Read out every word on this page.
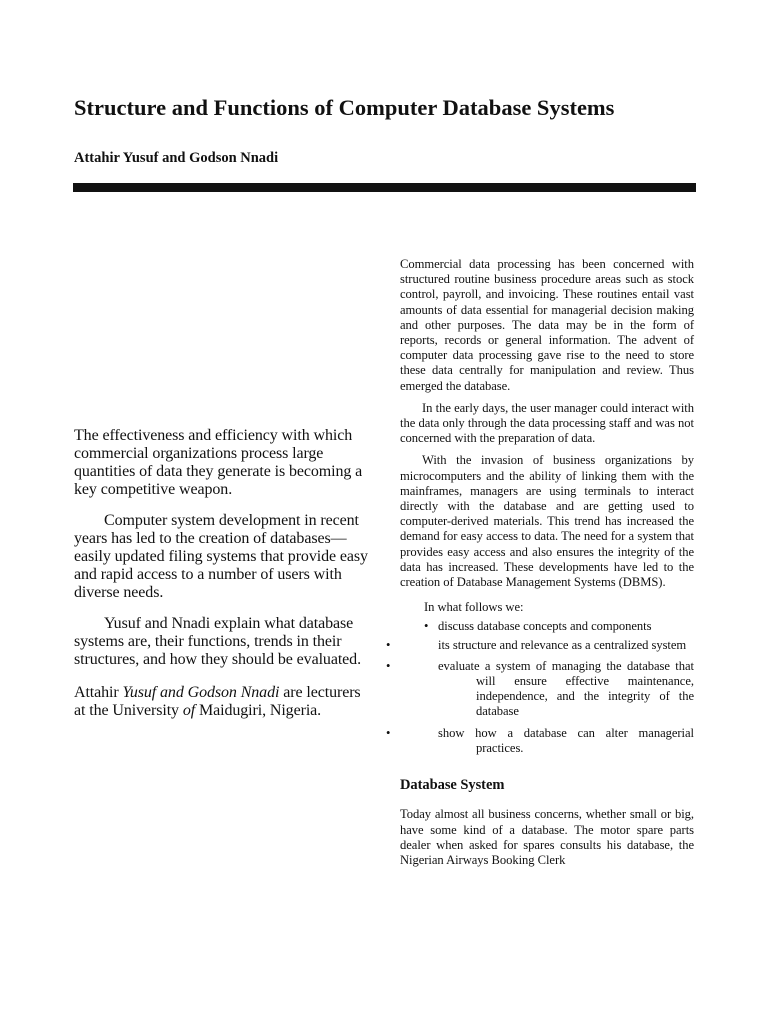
Structure and Functions of Computer Database Systems
Attahir Yusuf and Godson Nnadi

The effectiveness and efficiency with which commercial organizations process large quantities of data they generate is becoming a key competitive weapon.

Computer system development in recent years has led to the creation of databases—easily updated filing systems that provide easy and rapid access to a number of users with diverse needs.

Yusuf and Nnadi explain what database systems are, their functions, trends in their structures, and how they should be evaluated.

Attahir Yusuf and Godson Nnadi are lecturers at the University of Maidugiri, Nigeria.

Commercial data processing has been concerned with structured routine business procedure areas such as stock control, payroll, and invoicing. These routines entail vast amounts of data essential for managerial decision making and other purposes. The data may be in the form of reports, records or general information. The advent of computer data processing gave rise to the need to store these data centrally for manipulation and review. Thus emerged the database.

In the early days, the user manager could interact with the data only through the data processing staff and was not concerned with the preparation of data.

With the invasion of business organizations by microcomputers and the ability of linking them with the mainframes, managers are using terminals to interact directly with the database and are getting used to computer-derived materials. This trend has increased the demand for easy access to data. The need for a system that provides easy access and also ensures the integrity of the data has increased. These developments have led to the creation of Database Management Systems (DBMS).

In what follows we:

• discuss database concepts and components
•	its structure and relevance as a centralized system
•	evaluate a system of managing the database that will ensure effective maintenance, independence, and the integrity of the database
•	show how a database can alter managerial practices.

Database System

Today almost all business concerns, whether small or big, have some kind of a database. The motor spare parts dealer when asked for spares consults his database, the Nigerian Airways Booking Clerk
